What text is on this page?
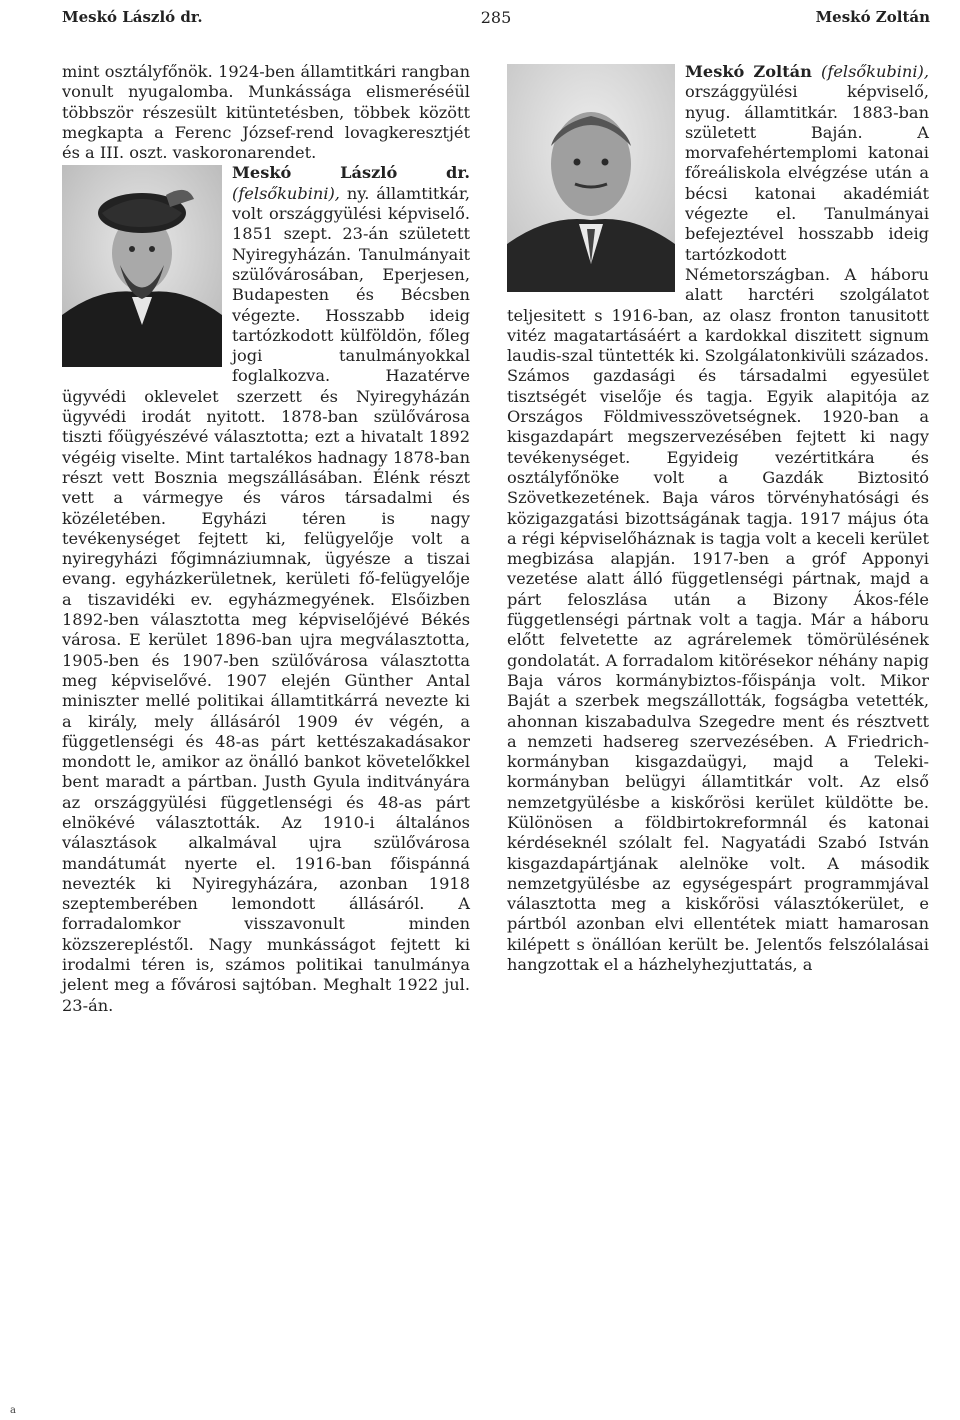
Meskó László dr.	285	Meskó Zoltán

mint osztályfőnök. 1924-ben államtitkári rangban vonult nyugalomba. Munkássága elismeréséül többször részesült kitüntetésben, többek között megkapta a Ferenc József-rend lovagkeresztjét és a III. oszt. vaskoronarendet.

Meskó László dr. (felsőkubini), ny. államtitkár, volt országgyülési képviselő. 1851 szept. 23-án született Nyiregyházán. Tanulmányait szülővárosában, Eperjesen, Budapesten és Bécsben végezte. Hosszabb ideig tartózkodott külföldön, főleg jogi tanulmányokkal foglalkozva. Hazatérve ügyvédi oklevelet szerzett és Nyiregyházán ügyvédi irodát nyitott. 1878-ban szülővárosa tiszti főügyészévé választotta; ezt a hivatalt 1892 végéig viselte. Mint tartalékos hadnagy 1878-ban részt vett Bosznia megszállásában. Élénk részt vett a vármegye és város társadalmi és közéletében. Egyházi téren is nagy tevékenységet fejtett ki, felügyelője volt a nyiregyházi főgimnáziumnak, ügyésze a tiszai evang. egyházkerületnek, kerületi fő-felügyelője a tiszavidéki ev. egyházmegyének. Elsőizben 1892-ben választotta meg képviselőjévé Békés városa. E kerület 1896-ban ujra megválasztotta, 1905-ben és 1907-ben szülővárosa választotta meg képviselővé. 1907 elején Günther Antal miniszter mellé politikai államtitkárrá nevezte ki a király, mely állásáról 1909 év végén, a függetlenségi és 48-as párt kettészakadásakor mondott le, amikor az önálló bankot követelőkkel bent maradt a pártban. Justh Gyula inditványára az országgyülési függetlenségi és 48-as párt elnökévé választották. Az 1910-i általános választások alkalmával ujra szülővárosa mandátumát nyerte el. 1916-ban főispánná nevezték ki Nyiregyházára, azonban 1918 szeptemberében lemondott állásáról. A forradalomkor visszavonult minden közszerepléstől. Nagy munkásságot fejtett ki irodalmi téren is, számos politikai tanulmánya jelent meg a fővárosi sajtóban. Meghalt 1922 jul. 23-án.

Meskó Zoltán (felsőkubini),
országgyülési képviselő, nyug. államtitkár. 1883-ban született Baján. A morvafehértemplomi katonai főreáliskola elvégzése után a bécsi katonai akadémiát végezte el. Tanulmányai befejeztével hosszabb ideig tartózkodott Németországban. A háboru alatt harctéri szolgálatot teljesitett s 1916-ban, az olasz fronton tanusitott vitéz magatartásáért a kardokkal diszitett signum laudis-szal tüntették ki. Szolgálatonkivüli százados. Számos gazdasági és társadalmi egyesület tisztségét viselője és tagja. Egyik alapitója az Országos Földmivesszövetségnek. 1920-ban a kisgazdapárt megszervezésében fejtett ki nagy tevékenységet. Egyideig vezértitkára és osztályfőnöke volt a Gazdák Biztositó Szövetkezetének. Baja város törvényhatósági és közigazgatási bizottságának tagja. 1917 május óta a régi képviselőháznak is tagja volt a keceli kerület megbizása alapján. 1917-ben a gróf Apponyi vezetése alatt álló függetlenségi pártnak, majd a párt feloszlása után a Bizony Ákos-féle függetlenségi pártnak volt a tagja. Már a háboru előtt felvetette az agrárelemek tömörülésének gondolatát. A forradalom kitörésekor néhány napig Baja város kormánybiztos-főispánja volt. Mikor Baját a szerbek megszállották, fogságba vetették, ahonnan kiszabadulva Szegedre ment és résztvett a nemzeti hadsereg szervezésében. A Friedrich-kormányban kisgazdaügyi, majd a Teleki-kormányban belügyi államtitkár volt. Az első nemzetgyülésbe a kiskőrösi kerület küldötte be. Különösen a földbirtokreformnál és katonai kérdéseknél szólalt fel. Nagyatádi Szabó István kisgazdapártjának alelnöke volt. A második nemzetgyülésbe az egységespárt programmjával választotta meg a kiskőrösi választókerület, e pártból azonban elvi ellentétek miatt hamarosan kilépett s önállóan került be. Jelentős felszólalásai hangzottak el a házhelyhezjuttatás, a

a
